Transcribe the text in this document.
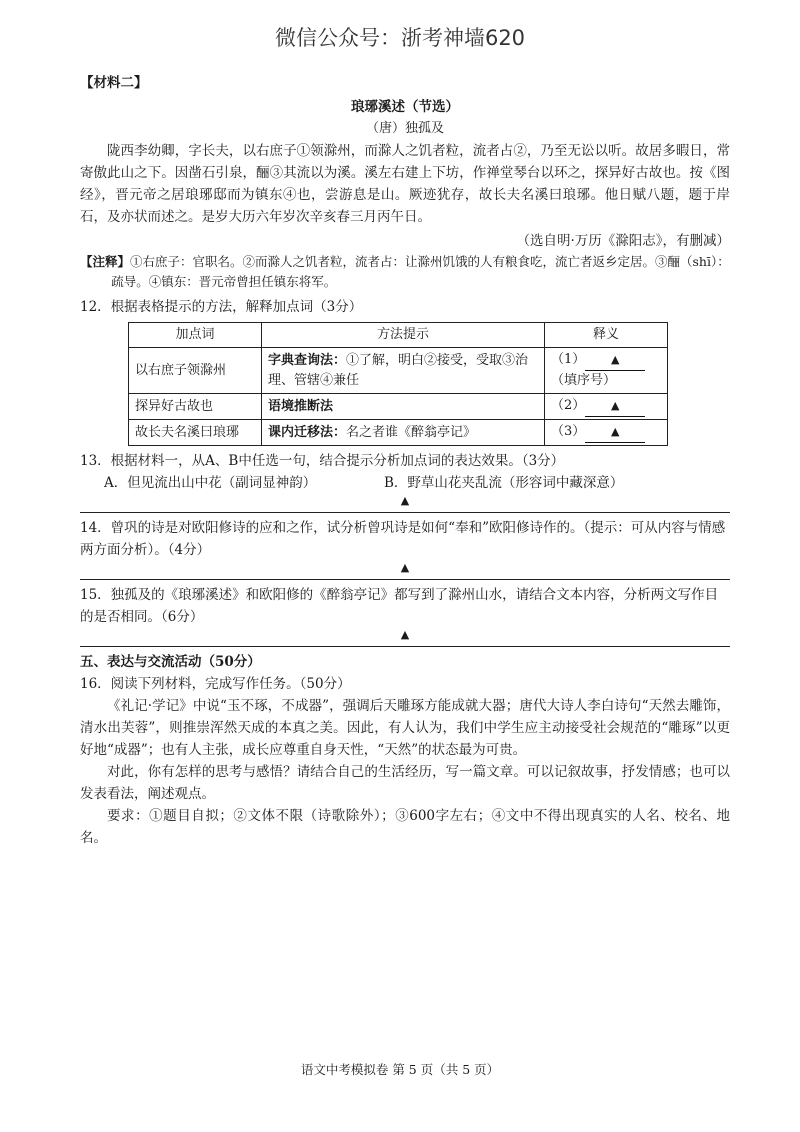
微信公众号：浙考神墙620

【材料二】

琅琊溪述（节选）

（唐）独孤及

陇西李幼卿，字长夫，以右庶子①领滁州，而滁人之饥者粒，流者占②，乃至无讼以听。故居多暇日，常寄傲此山之下。因凿石引泉，酾③其流以为溪。溪左右建上下坊，作禅堂琴台以环之，探异好古故也。按《图经》，晋元帝之居琅琊邸而为镇东④也，尝游息是山。厥迹犹存，故长夫名溪曰琅琊。他日赋八题，题于岸石，及亦状而述之。是岁大历六年岁次辛亥春三月丙午日。

（选自明·万历《滁阳志》，有删减）

【注释】①右庶子：官职名。②而滁人之饥者粒，流者占：让滁州饥饿的人有粮食吃，流亡者返乡定居。③酾（shī）：疏导。④镇东：晋元帝曾担任镇东将军。

12．根据表格提示的方法，解释加点词（3分）

加点词	方法提示	释义
以右庶子领滁州	字典查询法：①了解，明白②接受，受取③治理、管辖④兼任	（1） ▲（填序号）
探异好古故也	语境推断法	（2） ▲
故长夫名溪曰琅琊	课内迁移法：名之者谁《醉翁亭记》	（3） ▲

13．根据材料一，从A、B中任选一句，结合提示分析加点词的表达效果。（3分）

A．但见流出山中花（副词显神韵）	B．野草山花夹乱流（形容词中藏深意）
▲

14．曾巩的诗是对欧阳修诗的应和之作，试分析曾巩诗是如何“奉和”欧阳修诗作的。（提示：可从内容与情感两方面分析）。（4分）

▲

15．独孤及的《琅琊溪述》和欧阳修的《醉翁亭记》都写到了滁州山水，请结合文本内容，分析两文写作目的是否相同。（6分）

▲

五、表达与交流活动（50分）

16．阅读下列材料，完成写作任务。（50分）

《礼记·学记》中说“玉不琢，不成器”，强调后天雕琢方能成就大器；唐代大诗人李白诗句“天然去雕饰，清水出芙蓉”，则推崇浑然天成的本真之美。因此，有人认为，我们中学生应主动接受社会规范的“雕琢”以更好地“成器”；也有人主张，成长应尊重自身天性，“天然”的状态最为可贵。

对此，你有怎样的思考与感悟？请结合自己的生活经历，写一篇文章。可以记叙故事，抒发情感；也可以发表看法，阐述观点。

要求：①题目自拟；②文体不限（诗歌除外）；③600字左右；④文中不得出现真实的人名、校名、地名。

语文中考模拟卷 第 5 页（共 5 页）
